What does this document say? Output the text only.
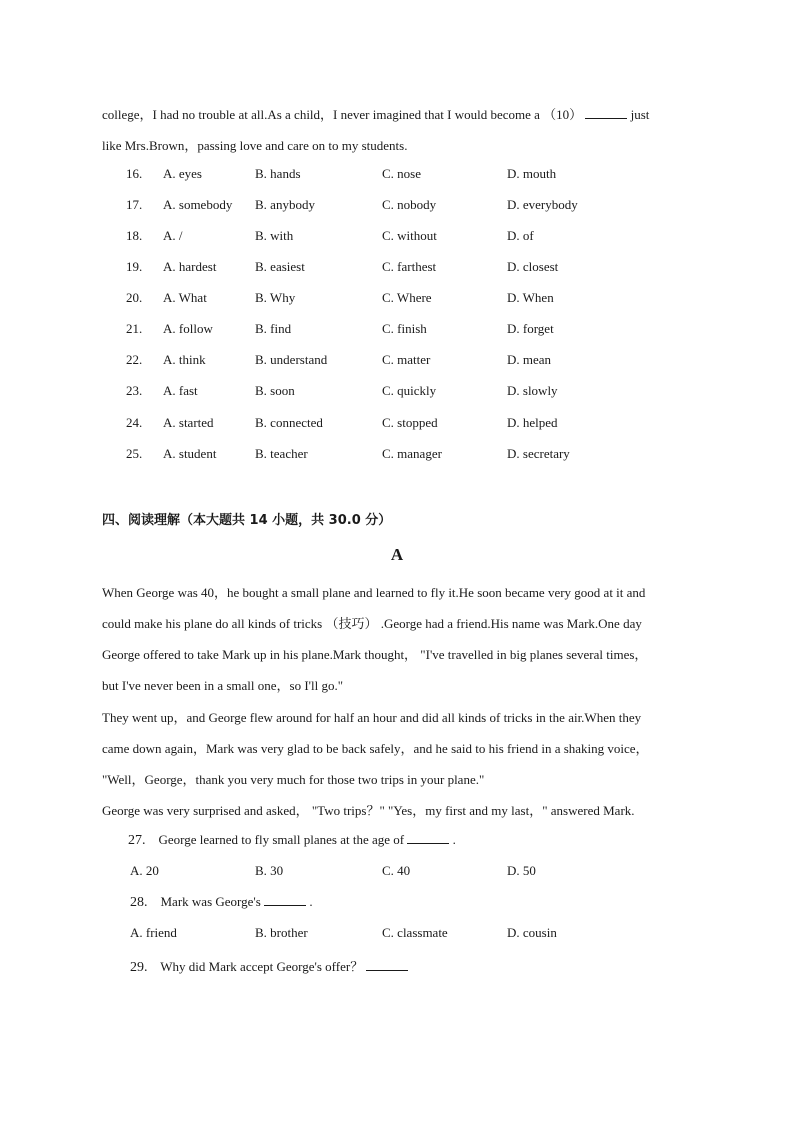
college，I had no trouble at all.As a child，I never imagined that I would become a （10）	just
like Mrs.Brown，passing love and care on to my students.
16. A. eyes	B. hands	C. nose	D. mouth
17. A. somebody B. anybody	C. nobody	D. everybody
18. A. /	B. with	C. without	D. of
19. A. hardest	B. easiest	C. farthest	D. closest
20. A. What	B. Why	C. Where	D. When
21. A. follow	B. find	C. finish	D. forget
22. A. think	B. understand	C. matter	D. mean
23. A. fast	B. soon	C. quickly	D. slowly
24. A. started	B. connected	C. stopped	D. helped
25. A. student	B. teacher	C. manager	D. secretary
四、阅读理解（本大题共 14 小题，共 30.0 分）
A
When George was 40，he bought a small plane and learned to fly it.He soon became very good at it and
could make his plane do all kinds of tricks （技巧） .George had a friend.His name was Mark.One day
George offered to take Mark up in his plane.Mark thought， "I've travelled in big planes several times，
but I've never been in a small one，so I'll go."
They went up，and George flew around for half an hour and did all kinds of tricks in the air.When they
came down again，Mark was very glad to be back safely，and he said to his friend in a shaking voice，
"Well，George，thank you very much for those two trips in your plane."
George was very surprised and asked， "Two trips？" "Yes，my first and my last，" answered Mark.
27. George learned to fly small planes at the age of	.
A. 20	B. 30	C. 40	D. 50
28. Mark was George's	.
A. friend	B. brother	C. classmate	D. cousin
29. Why did Mark accept George's offer？
